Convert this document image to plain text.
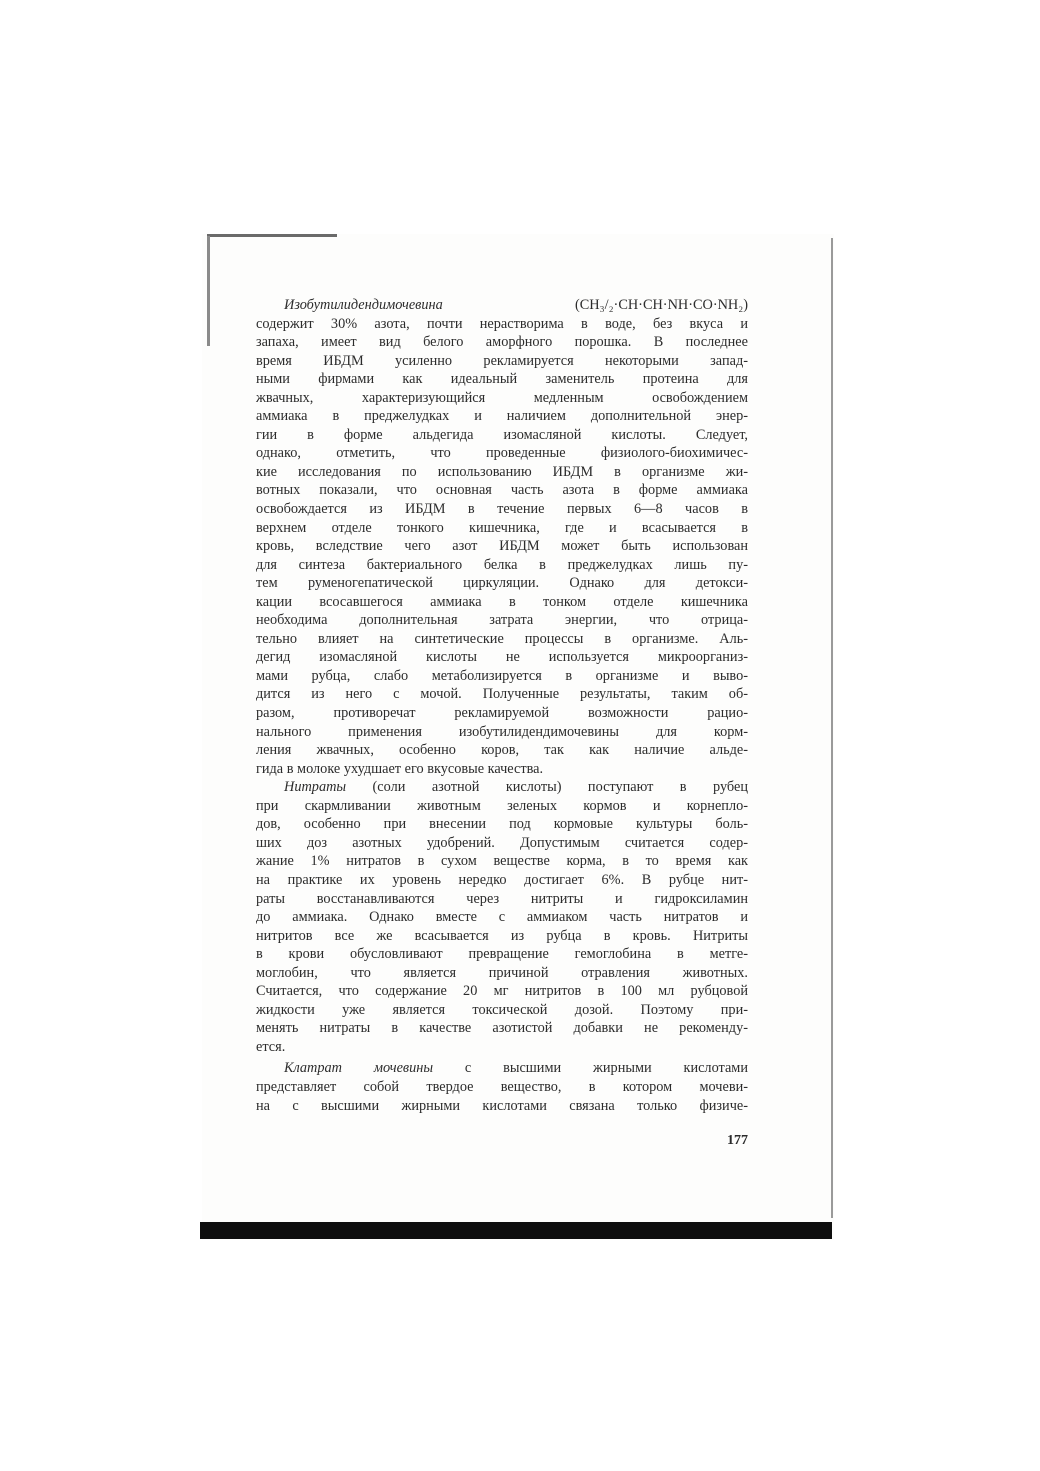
Изобутилидендимочевина	(CH₃/₂·CH·CH·NH·CO·NH₂)
содержит 30% азота, почти нерастворима в воде, без вкуса и
запаха, имеет вид белого аморфного порошка. В последнее
время ИБДМ усиленно рекламируется некоторыми запад-
ными фирмами как идеальный заменитель протеина для
жвачных, характеризующийся медленным освобождением
аммиака в преджелудках и наличием дополнительной энер-
гии в форме альдегида изомасляной кислоты. Следует,
однако, отметить, что проведенные физиолого-биохимичес-
кие исследования по использованию ИБДМ в организме жи-
вотных показали, что основная часть азота в форме аммиака
освобождается из ИБДМ в течение первых 6—8 часов в
верхнем отделе тонкого кишечника, где и всасывается в
кровь, вследствие чего азот ИБДМ может быть использован
для синтеза бактериального белка в преджелудках лишь пу-
тем руменогепатической циркуляции. Однако для детокси-
кации всосавшегося аммиака в тонком отделе кишечника
необходима дополнительная затрата энергии, что отрица-
тельно влияет на синтетические процессы в организме. Аль-
дегид изомасляной кислоты не используется микроорганиз-
мами рубца, слабо метаболизируется в организме и выво-
дится из него с мочой. Полученные результаты, таким об-
разом, противоречат рекламируемой возможности рацио-
нального применения изобутилидендимочевины для корм-
ления жвачных, особенно коров, так как наличие альде-
гида в молоке ухудшает его вкусовые качества.
Нитраты (соли азотной кислоты) поступают в рубец
при скармливании животным зеленых кормов и корнепло-
дов, особенно при внесении под кормовые культуры боль-
ших доз азотных удобрений. Допустимым считается содер-
жание 1% нитратов в сухом веществе корма, в то время как
на практике их уровень нередко достигает 6%. В рубце нит-
раты восстанавливаются через нитриты и гидроксиламин
до аммиака. Однако вместе с аммиаком часть нитратов и
нитритов все же всасывается из рубца в кровь. Нитриты
в крови обусловливают превращение гемоглобина в метге-
моглобин, что является причиной отравления животных.
Считается, что содержание 20 мг нитритов в 100 мл рубцовой
жидкости уже является токсической дозой. Поэтому при-
менять нитраты в качестве азотистой добавки не рекоменду-
ется.
Клатрат мочевины с высшими жирными кислотами
представляет собой твердое вещество, в котором мочеви-
на с высшими жирными кислотами связана только физиче-
177
